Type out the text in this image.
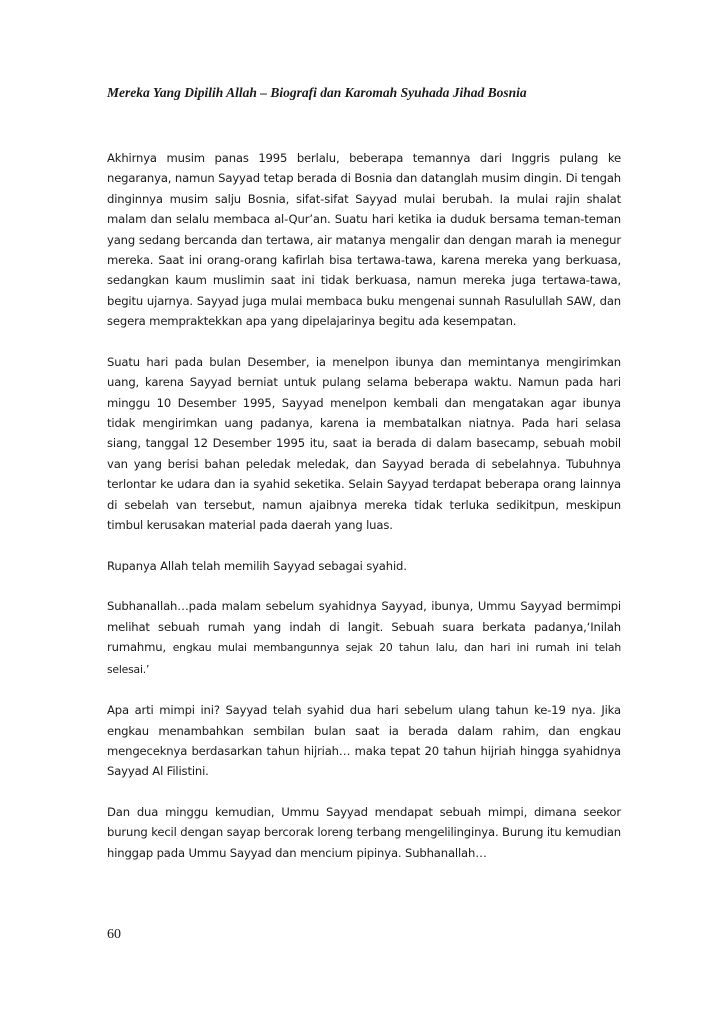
Mereka Yang Dipilih Allah – Biografi dan Karomah Syuhada Jihad Bosnia

Akhirnya musim panas 1995 berlalu, beberapa temannya dari Inggris pulang ke negaranya, namun Sayyad tetap berada di Bosnia dan datanglah musim dingin. Di tengah dinginnya musim salju Bosnia, sifat-sifat Sayyad mulai berubah. Ia mulai rajin shalat malam dan selalu membaca al-Qur’an. Suatu hari ketika ia duduk bersama teman-teman yang sedang bercanda dan tertawa, air matanya mengalir dan dengan marah ia menegur mereka. Saat ini orang-orang kafirlah bisa tertawa-tawa, karena mereka yang berkuasa, sedangkan kaum muslimin saat ini tidak berkuasa, namun mereka juga tertawa-tawa, begitu ujarnya. Sayyad juga mulai membaca buku mengenai sunnah Rasulullah SAW, dan segera mempraktekkan apa yang dipelajarinya begitu ada kesempatan.

Suatu hari pada bulan Desember, ia menelpon ibunya dan memintanya mengirimkan uang, karena Sayyad berniat untuk pulang selama beberapa waktu. Namun pada hari minggu 10 Desember 1995, Sayyad menelpon kembali dan mengatakan agar ibunya tidak mengirimkan uang padanya, karena ia membatalkan niatnya. Pada hari selasa siang, tanggal 12 Desember 1995 itu, saat ia berada di dalam basecamp, sebuah mobil van yang berisi bahan peledak meledak, dan Sayyad berada di sebelahnya. Tubuhnya terlontar ke udara dan ia syahid seketika. Selain Sayyad terdapat beberapa orang lainnya di sebelah van tersebut, namun ajaibnya mereka tidak terluka sedikitpun, meskipun timbul kerusakan material pada daerah yang luas.

Rupanya Allah telah memilih Sayyad sebagai syahid.

Subhanallah…pada malam sebelum syahidnya Sayyad, ibunya, Ummu Sayyad bermimpi melihat sebuah rumah yang indah di langit. Sebuah suara berkata padanya,‘Inilah rumahmu, engkau mulai membangunnya sejak 20 tahun lalu, dan hari ini rumah ini telah selesai.’

Apa arti mimpi ini? Sayyad telah syahid dua hari sebelum ulang tahun ke-19 nya. Jika engkau menambahkan sembilan bulan saat ia berada dalam rahim, dan engkau mengeceknya berdasarkan tahun hijriah… maka tepat 20 tahun hijriah hingga syahidnya Sayyad Al Filistini.

Dan dua minggu kemudian, Ummu Sayyad mendapat sebuah mimpi, dimana seekor burung kecil dengan sayap bercorak loreng terbang mengelilinginya. Burung itu kemudian hinggap pada Ummu Sayyad dan mencium pipinya. Subhanallah…

60
